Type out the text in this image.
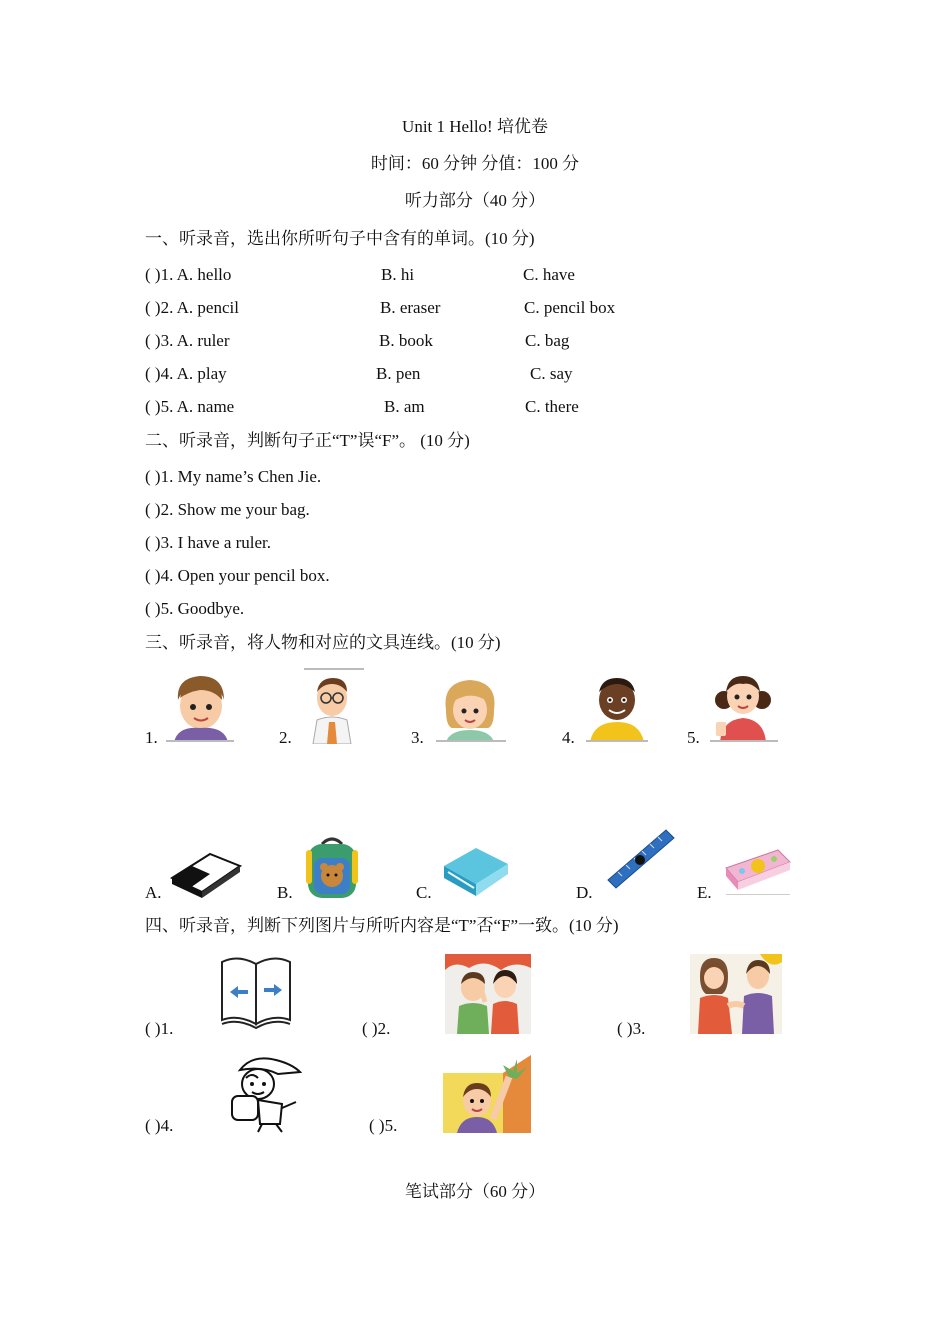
Unit 1 Hello! 培优卷
时间：60 分钟 分值：100 分
听力部分（40 分）
一、听录音，选出你所听句子中含有的单词。(10 分)
( )1. A. hello	B. hi	C. have
( )2. A. pencil	B. eraser	C. pencil box
( )3. A. ruler	B. book	C. bag
( )4. A. play	B. pen	C. say
( )5. A. name	B. am	C. there
二、听录音，判断句子正“T”误“F”。 (10 分)
( )1. My name’s Chen Jie.
( )2. Show me your bag.
( )3. I have a ruler.
( )4. Open your pencil box.
( )5. Goodbye.
三、听录音，将人物和对应的文具连线。(10 分)
1.	2.	3.	4.	5.
A.	B.	C.	D.	E.
四、听录音，判断下列图片与所听内容是“T”否“F”一致。(10 分)
( )1.	( )2.	( )3.
( )4.	( )5.
笔试部分（60 分）
